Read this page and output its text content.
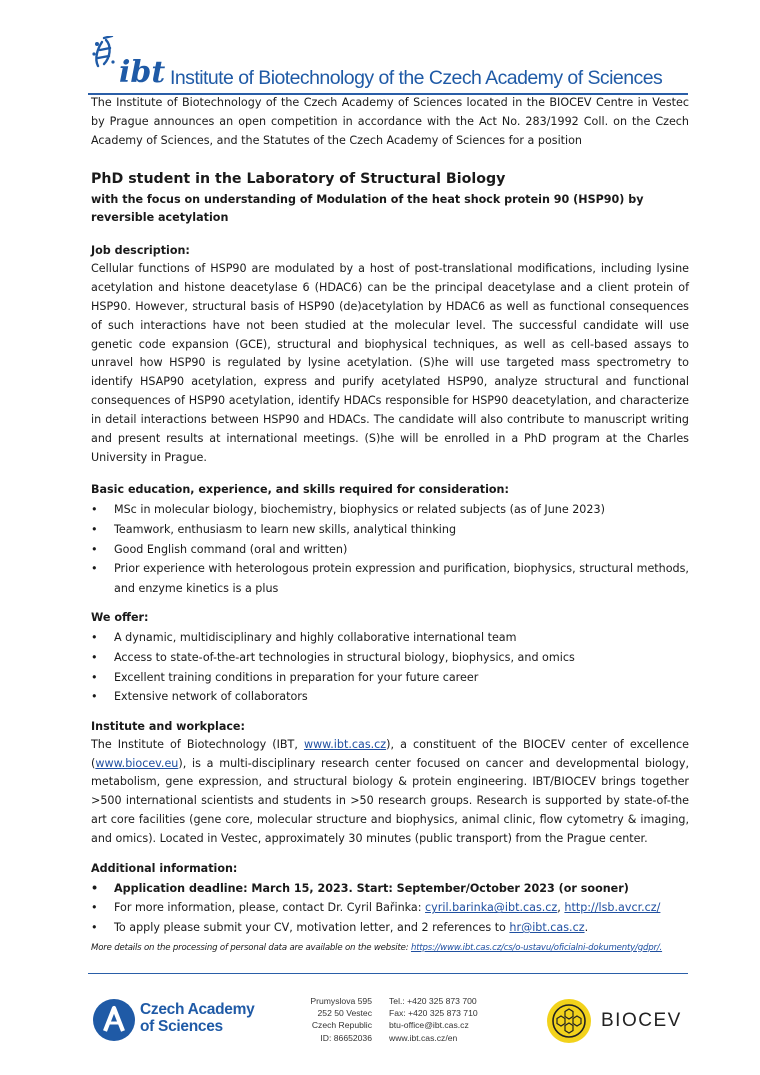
ibt Institute of Biotechnology of the Czech Academy of Sciences

The Institute of Biotechnology of the Czech Academy of Sciences located in the BIOCEV Centre in Vestec by Prague announces an open competition in accordance with the Act No. 283/1992 Coll. on the Czech Academy of Sciences, and the Statutes of the Czech Academy of Sciences for a position

PhD student in the Laboratory of Structural Biology

with the focus on understanding of Modulation of the heat shock protein 90 (HSP90) by reversible acetylation

Job description:

Cellular functions of HSP90 are modulated by a host of post-translational modifications, including lysine acetylation and histone deacetylase 6 (HDAC6) can be the principal deacetylase and a client protein of HSP90. However, structural basis of HSP90 (de)acetylation by HDAC6 as well as functional consequences of such interactions have not been studied at the molecular level. The successful candidate will use genetic code expansion (GCE), structural and biophysical techniques, as well as cell-based assays to unravel how HSP90 is regulated by lysine acetylation. (S)he will use targeted mass spectrometry to identify HSAP90 acetylation, express and purify acetylated HSP90, analyze structural and functional consequences of HSP90 acetylation, identify HDACs responsible for HSP90 deacetylation, and characterize in detail interactions between HSP90 and HDACs. The candidate will also contribute to manuscript writing and present results at international meetings. (S)he will be enrolled in a PhD program at the Charles University in Prague.

Basic education, experience, and skills required for consideration:

• MSc in molecular biology, biochemistry, biophysics or related subjects (as of June 2023)
• Teamwork, enthusiasm to learn new skills, analytical thinking
• Good English command (oral and written)
• Prior experience with heterologous protein expression and purification, biophysics, structural methods, and enzyme kinetics is a plus

We offer:

• A dynamic, multidisciplinary and highly collaborative international team
• Access to state-of-the-art technologies in structural biology, biophysics, and omics
• Excellent training conditions in preparation for your future career
• Extensive network of collaborators

Institute and workplace:

The Institute of Biotechnology (IBT, www.ibt.cas.cz), a constituent of the BIOCEV center of excellence (www.biocev.eu), is a multi-disciplinary research center focused on cancer and developmental biology, metabolism, gene expression, and structural biology & protein engineering. IBT/BIOCEV brings together >500 international scientists and students in >50 research groups. Research is supported by state-of-the art core facilities (gene core, molecular structure and biophysics, animal clinic, flow cytometry & imaging, and omics). Located in Vestec, approximately 30 minutes (public transport) from the Prague center.

Additional information:

• Application deadline: March 15, 2023. Start: September/October 2023 (or sooner)
• For more information, please, contact Dr. Cyril Bařinka: cyril.barinka@ibt.cas.cz, http://lsb.avcr.cz/
• To apply please submit your CV, motivation letter, and 2 references to hr@ibt.cas.cz.

More details on the processing of personal data are available on the website: https://www.ibt.cas.cz/cs/o-ustavu/oficialni-dokumenty/gdpr/.

Czech Academy
of Sciences
Prumyslova 595
252 50 Vestec
Czech Republic
ID: 86652036
Tel.: +420 325 873 700
Fax: +420 325 873 710
btu-office@ibt.cas.cz
www.ibt.cas.cz/en
BIOCEV
